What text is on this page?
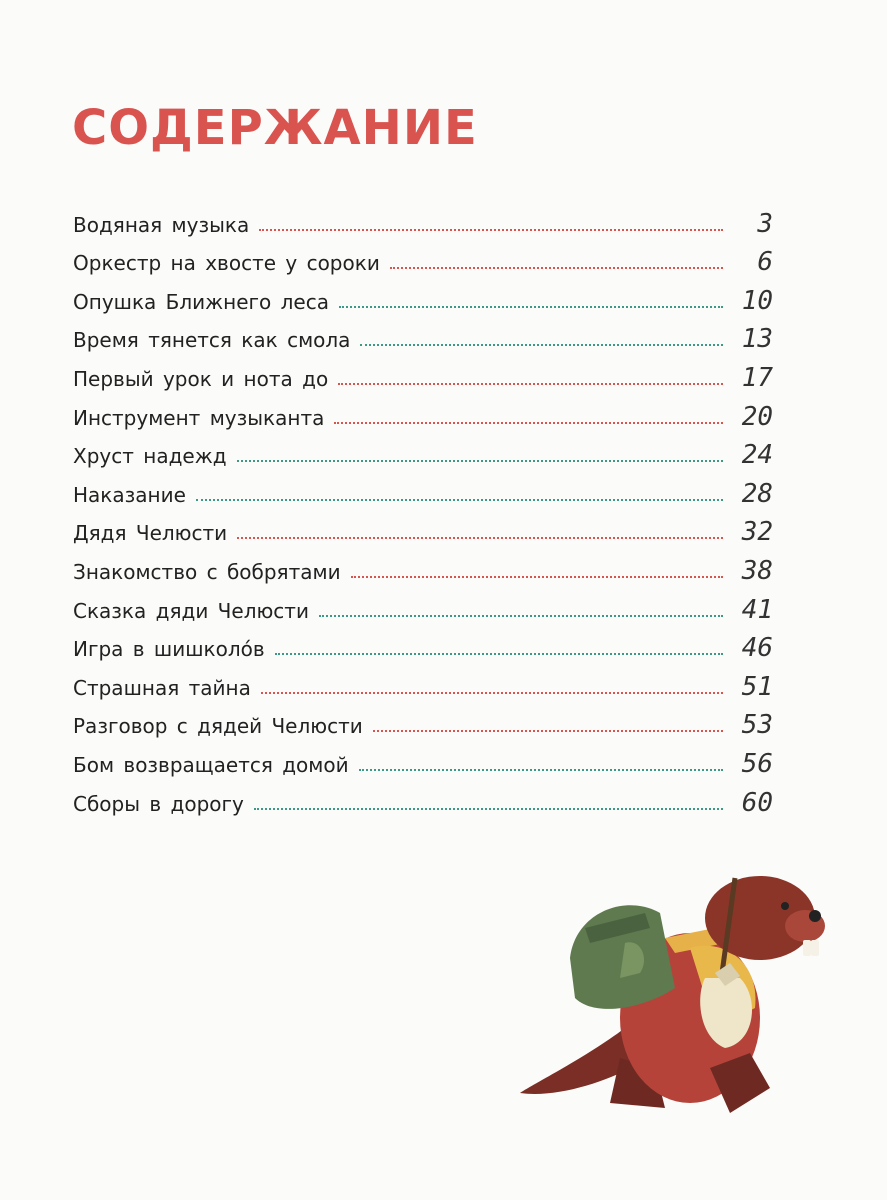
СОДЕРЖАНИЕ
Водяная музыка	3
Оркестр на хвосте у сороки	6
Опушка Ближнего леса	10
Время тянется как смола	13
Первый урок и нота до	17
Инструмент музыканта	20
Хруст надежд	24
Наказание	28
Дядя Челюсти	32
Знакомство с бобрятами	38
Сказка дяди Челюсти	41
Игра в шишколо́в	46
Страшная тайна	51
Разговор с дядей Челюсти	53
Бом возвращается домой	56
Сборы в дорогу	60
